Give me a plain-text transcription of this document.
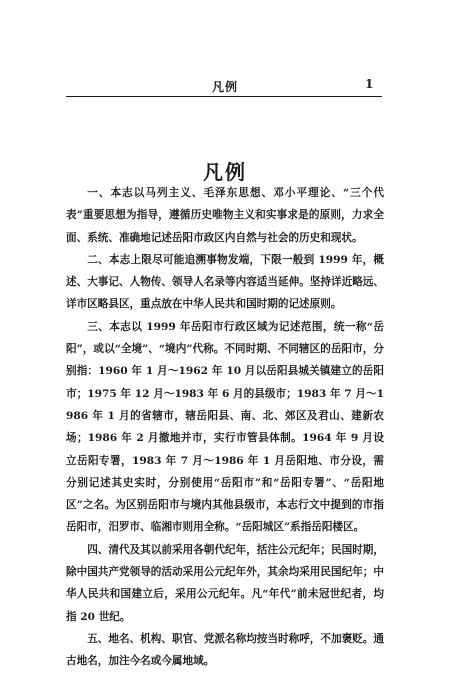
凡例	1
凡例

一、本志以马列主义、毛泽东思想、邓小平理论、“三个代表”重要思想为指导，遵循历史唯物主义和实事求是的原则，力求全面、系统、准确地记述岳阳市政区内自然与社会的历史和现状。

二、本志上限尽可能追溯事物发端，下限一般到 1999 年，概述、大事记、人物传、领导人名录等内容适当延伸。坚持详近略远、详市区略县区，重点放在中华人民共和国时期的记述原则。

三、本志以 1999 年岳阳市行政区域为记述范围，统一称“岳阳”，或以“全境”、“境内”代称。不同时期、不同辖区的岳阳市，分别指：1960 年 1 月～1962 年 10 月以岳阳县城关镇建立的岳阳市；1975 年 12 月～1983 年 6 月的县级市；1983 年 7 月～1986 年 1 月的省辖市，辖岳阳县、南、北、郊区及君山、建新农场；1986 年 2 月撤地并市，实行市管县体制。1964 年 9 月设立岳阳专署，1983 年 7 月～1986 年 1 月岳阳地、市分设，需分别记述其史实时，分别使用“岳阳市”和“岳阳专署”、“岳阳地区”之名。为区别岳阳市与境内其他县级市，本志行文中提到的市指岳阳市，汨罗市、临湘市则用全称。“岳阳城区”系指岳阳楼区。

四、清代及其以前采用各朝代纪年，括注公元纪年；民国时期，除中国共产党领导的活动采用公元纪年外，其余均采用民国纪年；中华人民共和国建立后，采用公元纪年。凡“年代”前未冠世纪者，均指 20 世纪。

五、地名、机构、职官、党派名称均按当时称呼，不加褒贬。通古地名，加注今名或今属地域。
